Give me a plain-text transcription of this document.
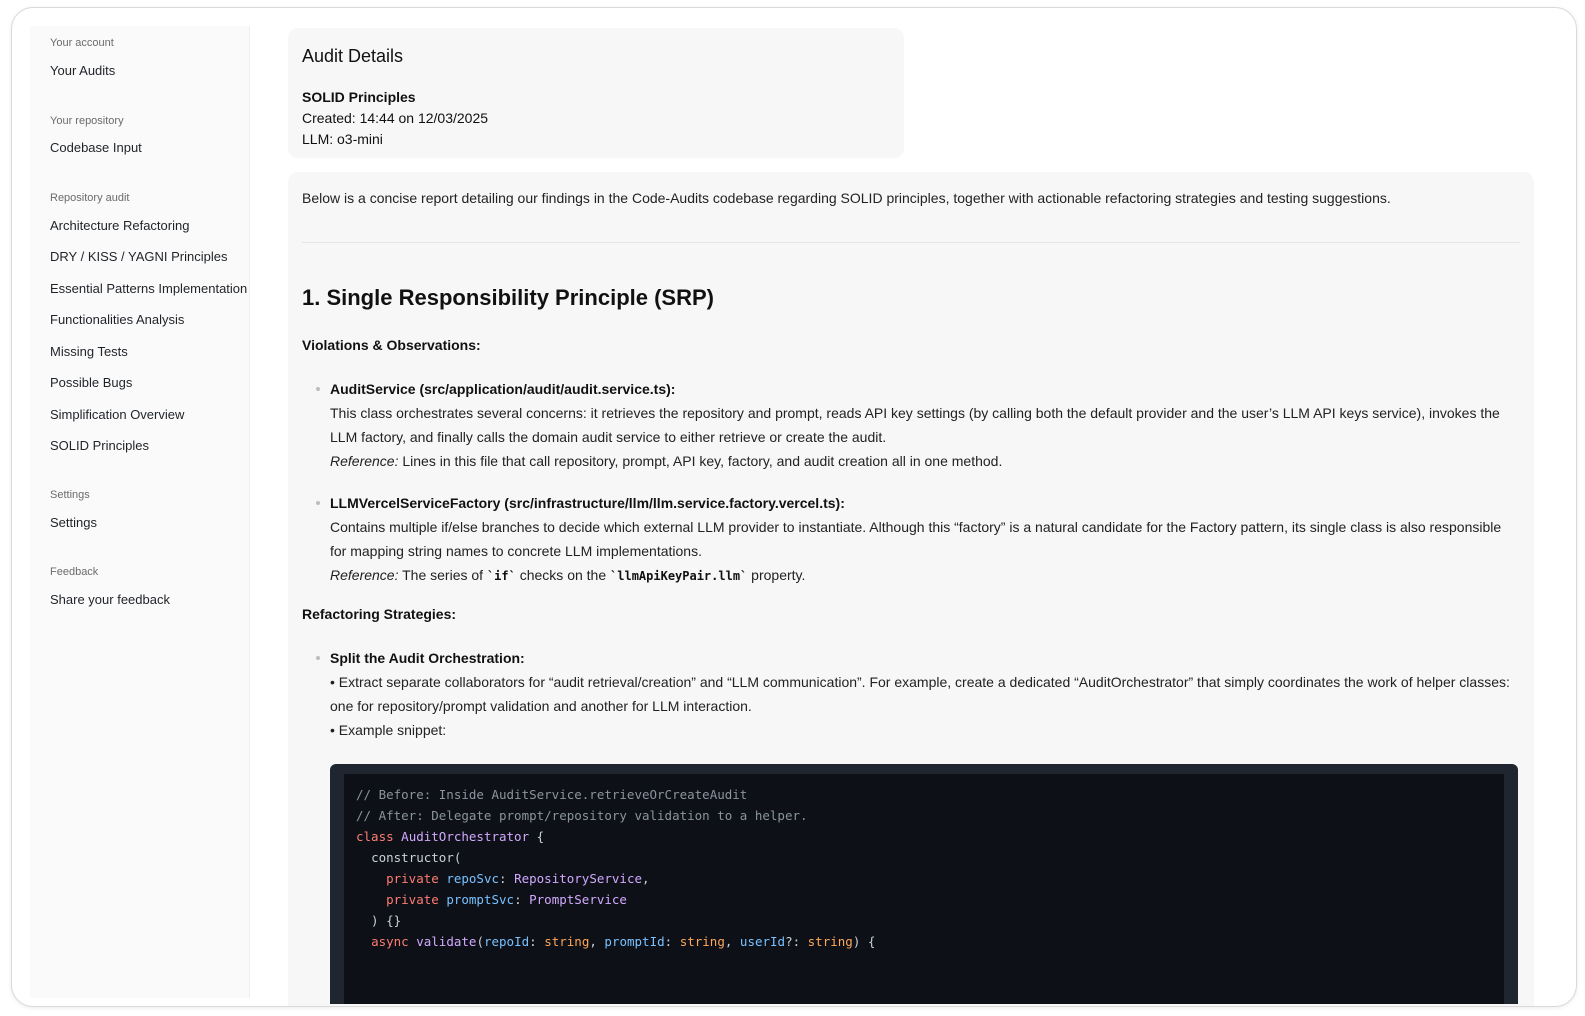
Your account
Your Audits
Your repository
Codebase Input
Repository audit
Architecture Refactoring
DRY / KISS / YAGNI Principles
Essential Patterns Implementation
Functionalities Analysis
Missing Tests
Possible Bugs
Simplification Overview
SOLID Principles
Settings
Settings
Feedback
Share your feedback
Audit Details
SOLID Principles
Created: 14:44 on 12/03/2025
LLM: o3-mini

Below is a concise report detailing our findings in the Code-Audits codebase regarding SOLID principles, together with actionable refactoring strategies and testing suggestions.

1. Single Responsibility Principle (SRP)
Violations & Observations:
AuditService (src/application/audit/audit.service.ts):
This class orchestrates several concerns: it retrieves the repository and prompt, reads API key settings (by calling both the default provider and the user’s LLM API keys service), invokes the LLM factory, and finally calls the domain audit service to either retrieve or create the audit.
Reference: Lines in this file that call repository, prompt, API key, factory, and audit creation all in one method.
LLMVercelServiceFactory (src/infrastructure/llm/llm.service.factory.vercel.ts):
Contains multiple if/else branches to decide which external LLM provider to instantiate. Although this “factory” is a natural candidate for the Factory pattern, its single class is also responsible for mapping string names to concrete LLM implementations.
Reference: The series of `if` checks on the `llmApiKeyPair.llm` property.
Refactoring Strategies:
Split the Audit Orchestration:
• Extract separate collaborators for “audit retrieval/creation” and “LLM communication”. For example, create a dedicated “AuditOrchestrator” that simply coordinates the work of helper classes: one for repository/prompt validation and another for LLM interaction.
• Example snippet:
// Before: Inside AuditService.retrieveOrCreateAudit
// After: Delegate prompt/repository validation to a helper.
class AuditOrchestrator {
constructor(
private repoSvc: RepositoryService,
private promptSvc: PromptService
) {}
async validate(repoId: string, promptId: string, userId?: string) {
